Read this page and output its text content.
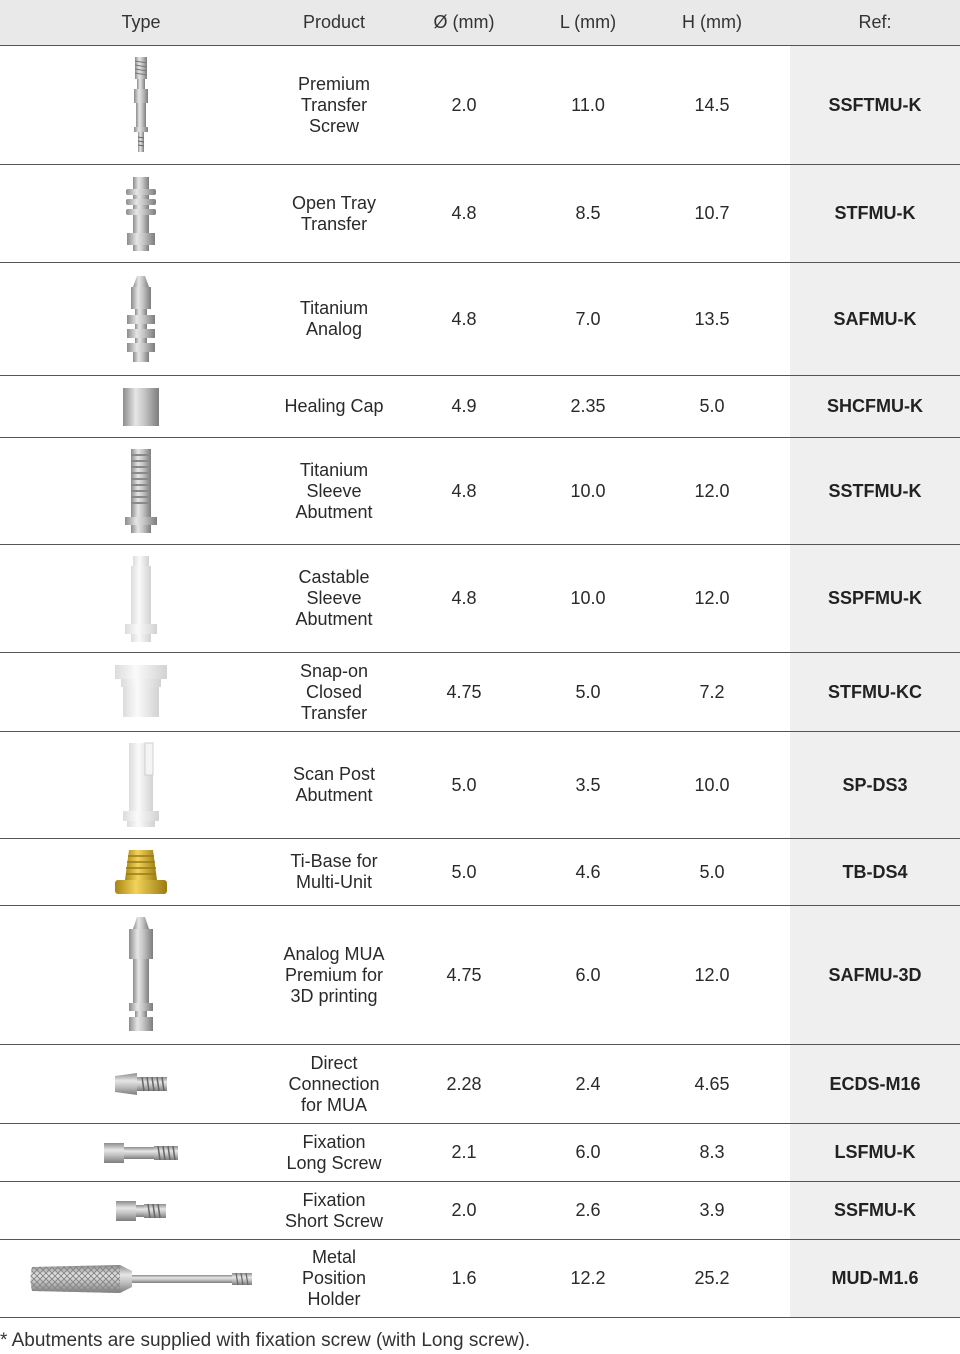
Type	Product	Ø (mm)	L (mm)	H (mm)	Ref:

	Premium Transfer Screw	2.0	11.0	14.5	SSFTMU-K

	Open Tray Transfer	4.8	8.5	10.7	STFMU-K

	Titanium Analog	4.8	7.0	13.5	SAFMU-K

	Healing Cap	4.9	2.35	5.0	SHCFMU-K

	Titanium Sleeve Abutment	4.8	10.0	12.0	SSTFMU-K

	Castable Sleeve Abutment	4.8	10.0	12.0	SSPFMU-K

	Snap-on Closed Transfer	4.75	5.0	7.2	STFMU-KC

	Scan Post Abutment	5.0	3.5	10.0	SP-DS3

	Ti-Base for Multi-Unit	5.0	4.6	5.0	TB-DS4

	Analog MUA Premium for 3D printing	4.75	6.0	12.0	SAFMU-3D

	Direct Connection for MUA	2.28	2.4	4.65	ECDS-M16

	Fixation Long Screw	2.1	6.0	8.3	LSFMU-K

	Fixation Short Screw	2.0	2.6	3.9	SSFMU-K

	Metal Position Holder	1.6	12.2	25.2	MUD-M1.6
* Abutments are supplied with fixation screw (with Long screw).
